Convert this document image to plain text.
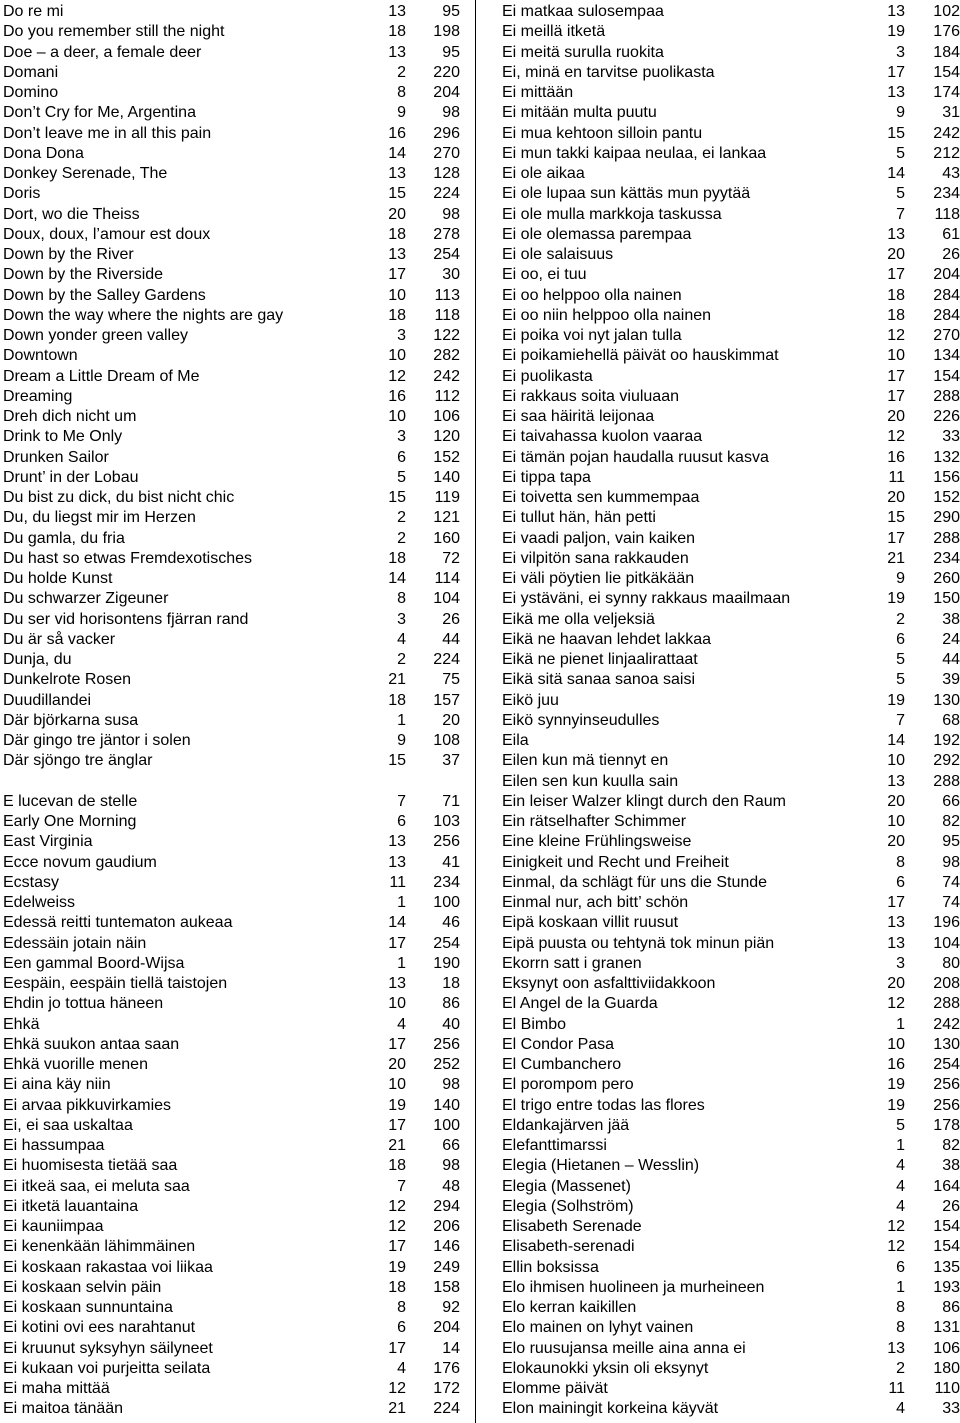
Do re mi	13	95
Do you remember still the night	18	198
Doe – a deer, a female deer	13	95
Domani	2	220
Domino	8	204
Don’t Cry for Me, Argentina	9	98
Don’t leave me in all this pain	16	296
Dona Dona	14	270
Donkey Serenade, The	13	128
Doris	15	224
Dort, wo die Theiss	20	98
Doux, doux, l’amour est doux	18	278
Down by the River	13	254
Down by the Riverside	17	30
Down by the Salley Gardens	10	113
Down the way where the nights are gay	18	118
Down yonder green valley	3	122
Downtown	10	282
Dream a Little Dream of Me	12	242
Dreaming	16	112
Dreh dich nicht um	10	106
Drink to Me Only	3	120
Drunken Sailor	6	152
Drunt’ in der Lobau	5	140
Du bist zu dick, du bist nicht chic	15	119
Du, du liegst mir im Herzen	2	121
Du gamla, du fria	2	160
Du hast so etwas Fremdexotisches	18	72
Du holde Kunst	14	114
Du schwarzer Zigeuner	8	104
Du ser vid horisontens fjärran rand	3	26
Du är så vacker	4	44
Dunja, du	2	224
Dunkelrote Rosen	21	75
Duudillandei	18	157
Där björkarna susa	1	20
Där gingo tre jäntor i solen	9	108
Där sjöngo tre änglar	15	37
E lucevan de stelle	7	71
Early One Morning	6	103
East Virginia	13	256
Ecce novum gaudium	13	41
Ecstasy	11	234
Edelweiss	1	100
Edessä reitti tuntematon aukeaa	14	46
Edessäin jotain näin	17	254
Een gammal Boord-Wijsa	1	190
Eespäin, eespäin tiellä taistojen	13	18
Ehdin jo tottua häneen	10	86
Ehkä	4	40
Ehkä suukon antaa saan	17	256
Ehkä vuorille menen	20	252
Ei aina käy niin	10	98
Ei arvaa pikkuvirkamies	19	140
Ei, ei saa uskaltaa	17	100
Ei hassumpaa	21	66
Ei huomisesta tietää saa	18	98
Ei itkeä saa, ei meluta saa	7	48
Ei itketä lauantaina	12	294
Ei kauniimpaa	12	206
Ei kenenkään lähimmäinen	17	146
Ei koskaan rakastaa voi liikaa	19	249
Ei koskaan selvin päin	18	158
Ei koskaan sunnuntaina	8	92
Ei kotini ovi ees narahtanut	6	204
Ei kruunut syksyhyn säilyneet	17	14
Ei kukaan voi purjeitta seilata	4	176
Ei maha mittää	12	172
Ei maitoa tänään	21	224
Ei matkaa sulosempaa	13	102
Ei meillä itketä	19	176
Ei meitä surulla ruokita	3	184
Ei, minä en tarvitse puolikasta	17	154
Ei mittään	13	174
Ei mitään multa puutu	9	31
Ei mua kehtoon silloin pantu	15	242
Ei mun takki kaipaa neulaa, ei lankaa	5	212
Ei ole aikaa	14	43
Ei ole lupaa sun kättäs mun pyytää	5	234
Ei ole mulla markkoja taskussa	7	118
Ei ole olemassa parempaa	13	61
Ei ole salaisuus	20	26
Ei oo, ei tuu	17	204
Ei oo helppoo olla nainen	18	284
Ei oo niin helppoo olla nainen	18	284
Ei poika voi nyt jalan tulla	12	270
Ei poikamiehellä päivät oo hauskimmat	10	134
Ei puolikasta	17	154
Ei rakkaus soita viuluaan	17	288
Ei saa häiritä leijonaa	20	226
Ei taivahassa kuolon vaaraa	12	33
Ei tämän pojan haudalla ruusut kasva	16	132
Ei tippa tapa	11	156
Ei toivetta sen kummempaa	20	152
Ei tullut hän, hän petti	15	290
Ei vaadi paljon, vain kaiken	17	288
Ei vilpitön sana rakkauden	21	234
Ei väli pöytien lie pitkäkään	9	260
Ei ystäväni, ei synny rakkaus maailmaan	19	150
Eikä me olla veljeksiä	2	38
Eikä ne haavan lehdet lakkaa	6	24
Eikä ne pienet linjaalirattaat	5	44
Eikä sitä sanaa sanoa saisi	5	39
Eikö juu	19	130
Eikö synnyinseudulles	7	68
Eila	14	192
Eilen kun mä tiennyt en	10	292
Eilen sen kun kuulla sain	13	288
Ein leiser Walzer klingt durch den Raum	20	66
Ein rätselhafter Schimmer	10	82
Eine kleine Frühlingsweise	20	95
Einigkeit und Recht und Freiheit	8	98
Einmal, da schlägt für uns die Stunde	6	74
Einmal nur, ach bitt’ schön	17	74
Eipä koskaan villit ruusut	13	196
Eipä puusta ou tehtynä tok minun piän	13	104
Ekorrn satt i granen	3	80
Eksynyt oon asfalttiviidakkoon	20	208
El Angel de la Guarda	12	288
El Bimbo	1	242
El Condor Pasa	10	130
El Cumbanchero	16	254
El porompom pero	19	256
El trigo entre todas las flores	19	256
Eldankajärven jää	5	178
Elefanttimarssi	1	82
Elegia (Hietanen – Wesslin)	4	38
Elegia (Massenet)	4	164
Elegia (Solhström)	4	26
Elisabeth Serenade	12	154
Elisabeth-serenadi	12	154
Ellin boksissa	6	135
Elo ihmisen huolineen ja murheineen	1	193
Elo kerran kaikillen	8	86
Elo mainen on lyhyt vainen	8	131
Elo ruusujansa meille aina anna ei	13	106
Elokaunokki yksin oli eksynyt	2	180
Elomme päivät	11	110
Elon mainingit korkeina käyvät	4	33
